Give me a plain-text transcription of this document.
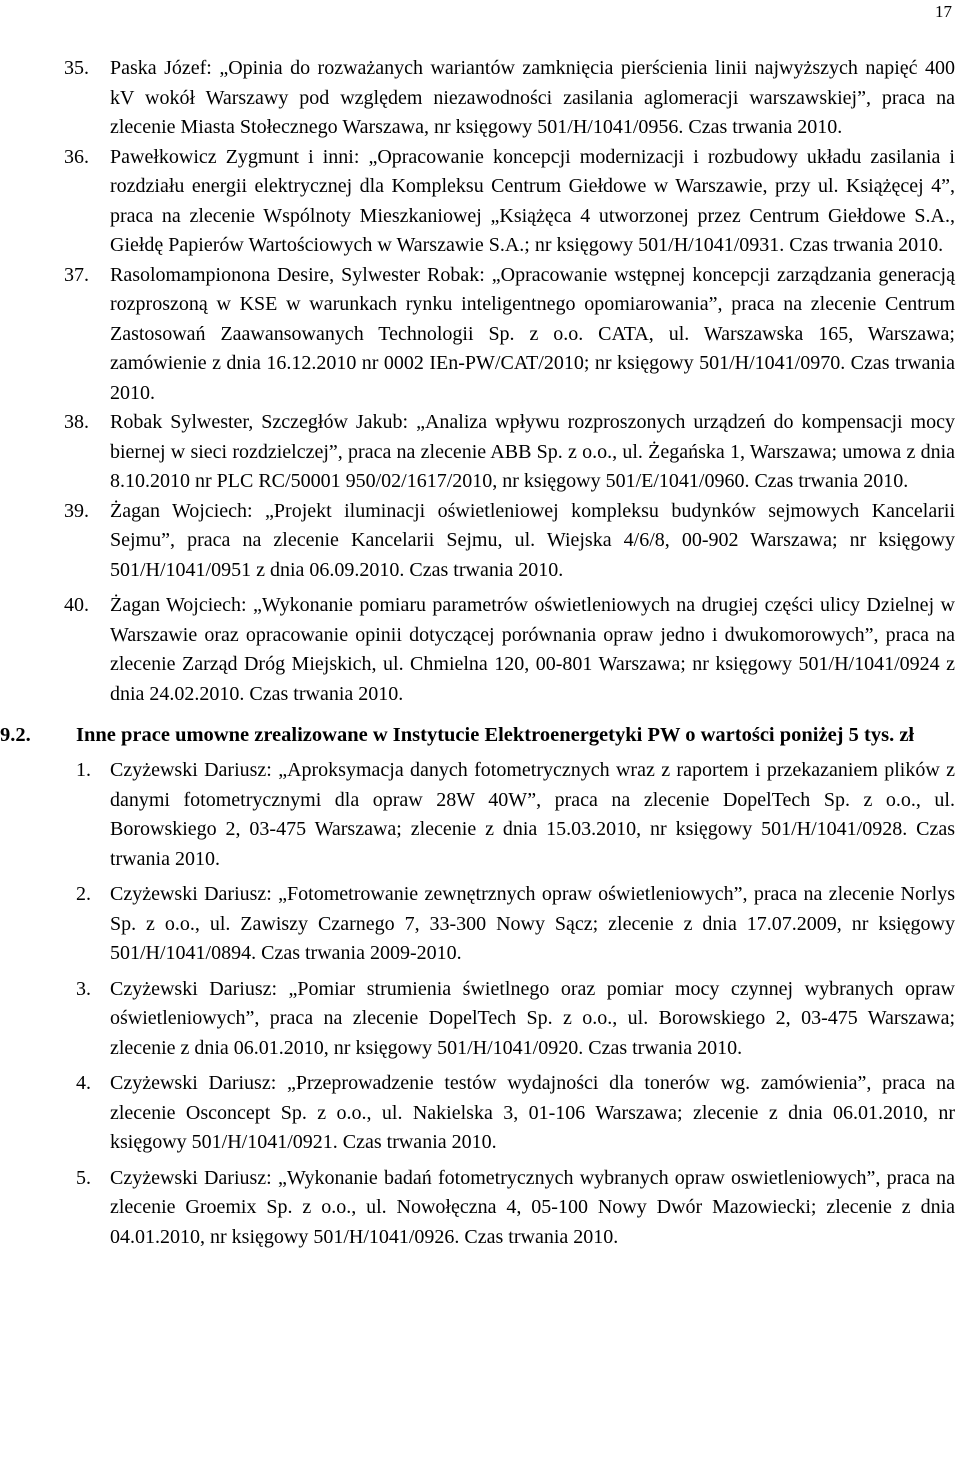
17
35. Paska Józef: „Opinia do rozważanych wariantów zamknięcia pierścienia linii najwyższych napięć 400 kV wokół Warszawy pod względem niezawodności zasilania aglomeracji warszawskiej”, praca na zlecenie Miasta Stołecznego Warszawa, nr księgowy 501/H/1041/0956. Czas trwania 2010.
36. Pawełkowicz Zygmunt i inni: „Opracowanie koncepcji modernizacji i rozbudowy układu zasilania i rozdziału energii elektrycznej dla Kompleksu Centrum Giełdowe w Warszawie, przy ul. Książęcej 4”, praca na zlecenie Wspólnoty Mieszkaniowej „Książęca 4 utworzonej przez Centrum Giełdowe S.A., Giełdę Papierów Wartościowych w Warszawie S.A.; nr księgowy 501/H/1041/0931. Czas trwania 2010.
37. Rasolomampionona Desire, Sylwester Robak: „Opracowanie wstępnej koncepcji zarządzania generacją rozproszoną w KSE w warunkach rynku inteligentnego opomiarowania”, praca na zlecenie Centrum Zastosowań Zaawansowanych Technologii Sp. z o.o. CATA, ul. Warszawska 165, Warszawa; zamówienie z dnia 16.12.2010 nr 0002 IEn-PW/CAT/2010; nr księgowy 501/H/1041/0970. Czas trwania 2010.
38. Robak Sylwester, Szczegłów Jakub: „Analiza wpływu rozproszonych urządzeń do kompensacji mocy biernej w sieci rozdzielczej”, praca na zlecenie ABB Sp. z o.o., ul. Żegańska 1, Warszawa; umowa z dnia 8.10.2010 nr PLC RC/50001 950/02/1617/2010, nr księgowy 501/E/1041/0960. Czas trwania 2010.
39. Żagan Wojciech: „Projekt iluminacji oświetleniowej kompleksu budynków sejmowych Kancelarii Sejmu”, praca na zlecenie Kancelarii Sejmu, ul. Wiejska 4/6/8, 00-902 Warszawa; nr księgowy 501/H/1041/0951 z dnia 06.09.2010. Czas trwania 2010.
40. Żagan Wojciech: „Wykonanie pomiaru parametrów oświetleniowych na drugiej części ulicy Dzielnej w Warszawie oraz opracowanie opinii dotyczącej porównania opraw jedno i dwukomorowych”, praca na zlecenie Zarząd Dróg Miejskich, ul. Chmielna 120, 00-801 Warszawa; nr księgowy 501/H/1041/0924 z dnia 24.02.2010. Czas trwania 2010.
9.2. Inne prace umowne zrealizowane w Instytucie Elektroenergetyki PW o wartości poniżej 5 tys. zł
1. Czyżewski Dariusz: „Aproksymacja danych fotometrycznych wraz z raportem i przekazaniem plików z danymi fotometrycznymi dla opraw 28W 40W”, praca na zlecenie DopelTech Sp. z o.o., ul. Borowskiego 2, 03-475 Warszawa; zlecenie z dnia 15.03.2010, nr księgowy 501/H/1041/0928. Czas trwania 2010.
2. Czyżewski Dariusz: „Fotometrowanie zewnętrznych opraw oświetleniowych”, praca na zlecenie Norlys Sp. z o.o., ul. Zawiszy Czarnego 7, 33-300 Nowy Sącz; zlecenie z dnia 17.07.2009, nr księgowy 501/H/1041/0894. Czas trwania 2009-2010.
3. Czyżewski Dariusz: „Pomiar strumienia świetlnego oraz pomiar mocy czynnej wybranych opraw oświetleniowych”, praca na zlecenie DopelTech Sp. z o.o., ul. Borowskiego 2, 03-475 Warszawa; zlecenie z dnia 06.01.2010, nr księgowy 501/H/1041/0920. Czas trwania 2010.
4. Czyżewski Dariusz: „Przeprowadzenie testów wydajności dla tonerów wg. zamówienia”, praca na zlecenie Osconcept Sp. z o.o., ul. Nakielska 3, 01-106 Warszawa; zlecenie z dnia 06.01.2010, nr księgowy 501/H/1041/0921. Czas trwania 2010.
5. Czyżewski Dariusz: „Wykonanie badań fotometrycznych wybranych opraw oswietleniowych”, praca na zlecenie Groemix Sp. z o.o., ul. Nowołęczna 4, 05-100 Nowy Dwór Mazowiecki; zlecenie z dnia 04.01.2010, nr księgowy 501/H/1041/0926. Czas trwania 2010.
